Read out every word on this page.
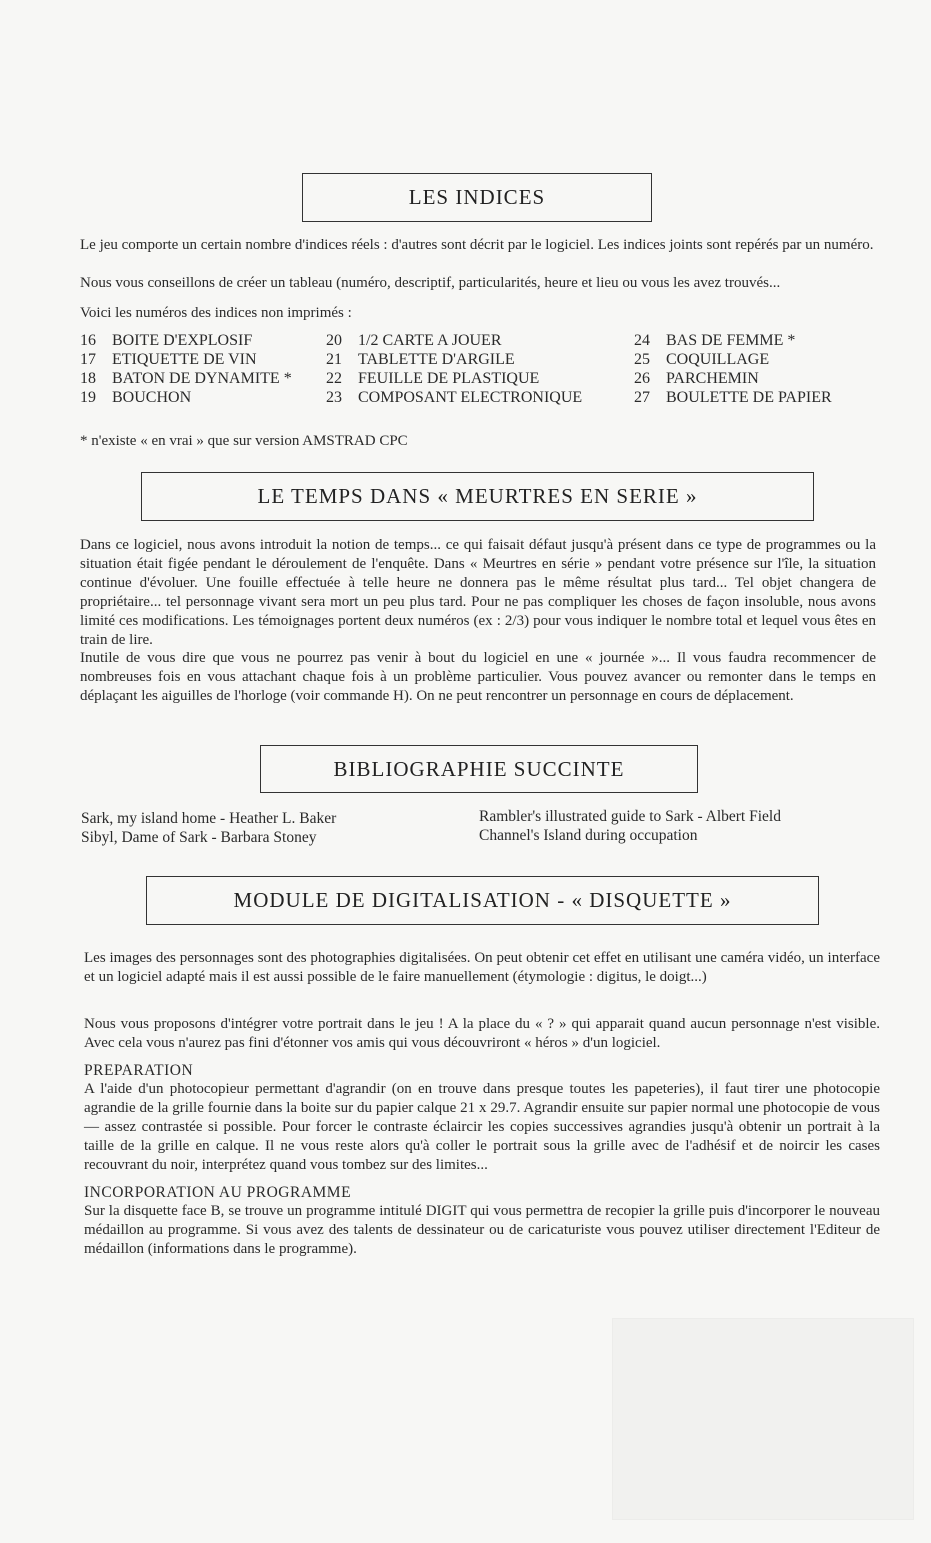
LES INDICES

Le jeu comporte un certain nombre d'indices réels : d'autres sont décrit par le logiciel. Les indices joints sont repérés par un numéro.

Nous vous conseillons de créer un tableau (numéro, descriptif, particularités, heure et lieu ou vous les avez trouvés...

Voici les numéros des indices non imprimés :

16 BOITE D'EXPLOSIF
17 ETIQUETTE DE VIN
18 BATON DE DYNAMITE *
19 BOUCHON
20 1/2 CARTE A JOUER
21 TABLETTE D'ARGILE
22 FEUILLE DE PLASTIQUE
23 COMPOSANT ELECTRONIQUE
24 BAS DE FEMME *
25 COQUILLAGE
26 PARCHEMIN
27 BOULETTE DE PAPIER

* n'existe « en vrai » que sur version AMSTRAD CPC

LE TEMPS DANS « MEURTRES EN SERIE »

Dans ce logiciel, nous avons introduit la notion de temps... ce qui faisait défaut jusqu'à présent dans ce type de programmes ou la situation était figée pendant le déroulement de l'enquête. Dans « Meurtres en série » pendant votre présence sur l'île, la situation continue d'évoluer. Une fouille effectuée à telle heure ne donnera pas le même résultat plus tard... Tel objet changera de propriétaire... tel personnage vivant sera mort un peu plus tard. Pour ne pas compliquer les choses de façon insoluble, nous avons limité ces modifications. Les témoignages portent deux numéros (ex : 2/3) pour vous indiquer le nombre total et lequel vous êtes en train de lire.

Inutile de vous dire que vous ne pourrez pas venir à bout du logiciel en une « journée »... Il vous faudra recommencer de nombreuses fois en vous attachant chaque fois à un problème particulier. Vous pouvez avancer ou remonter dans le temps en déplaçant les aiguilles de l'horloge (voir commande H). On ne peut rencontrer un personnage en cours de déplacement.

BIBLIOGRAPHIE SUCCINTE
Sark, my island home - Heather L. Baker
Sibyl, Dame of Sark - Barbara Stoney
Rambler's illustrated guide to Sark - Albert Field
Channel's Island during occupation
MODULE DE DIGITALISATION - « DISQUETTE »

Les images des personnages sont des photographies digitalisées. On peut obtenir cet effet en utilisant une caméra vidéo, un interface et un logiciel adapté mais il est aussi possible de le faire manuellement (étymologie : digitus, le doigt...)

Nous vous proposons d'intégrer votre portrait dans le jeu ! A la place du « ? » qui apparait quand aucun personnage n'est visible. Avec cela vous n'aurez pas fini d'étonner vos amis qui vous découvriront « héros » d'un logiciel.

PREPARATION

A l'aide d'un photocopieur permettant d'agrandir (on en trouve dans presque toutes les papeteries), il faut tirer une photocopie agrandie de la grille fournie dans la boite sur du papier calque 21 x 29.7. Agrandir ensuite sur papier normal une photocopie de vous — assez contrastée si possible. Pour forcer le contraste éclaircir les copies successives agrandies jusqu'à obtenir un portrait à la taille de la grille en calque. Il ne vous reste alors qu'à coller le portrait sous la grille avec de l'adhésif et de noircir les cases recouvrant du noir, interprétez quand vous tombez sur des limites...

INCORPORATION AU PROGRAMME

Sur la disquette face B, se trouve un programme intitulé DIGIT qui vous permettra de recopier la grille puis d'incorporer le nouveau médaillon au programme. Si vous avez des talents de dessinateur ou de caricaturiste vous pouvez utiliser directement l'Editeur de médaillon (informations dans le programme).
